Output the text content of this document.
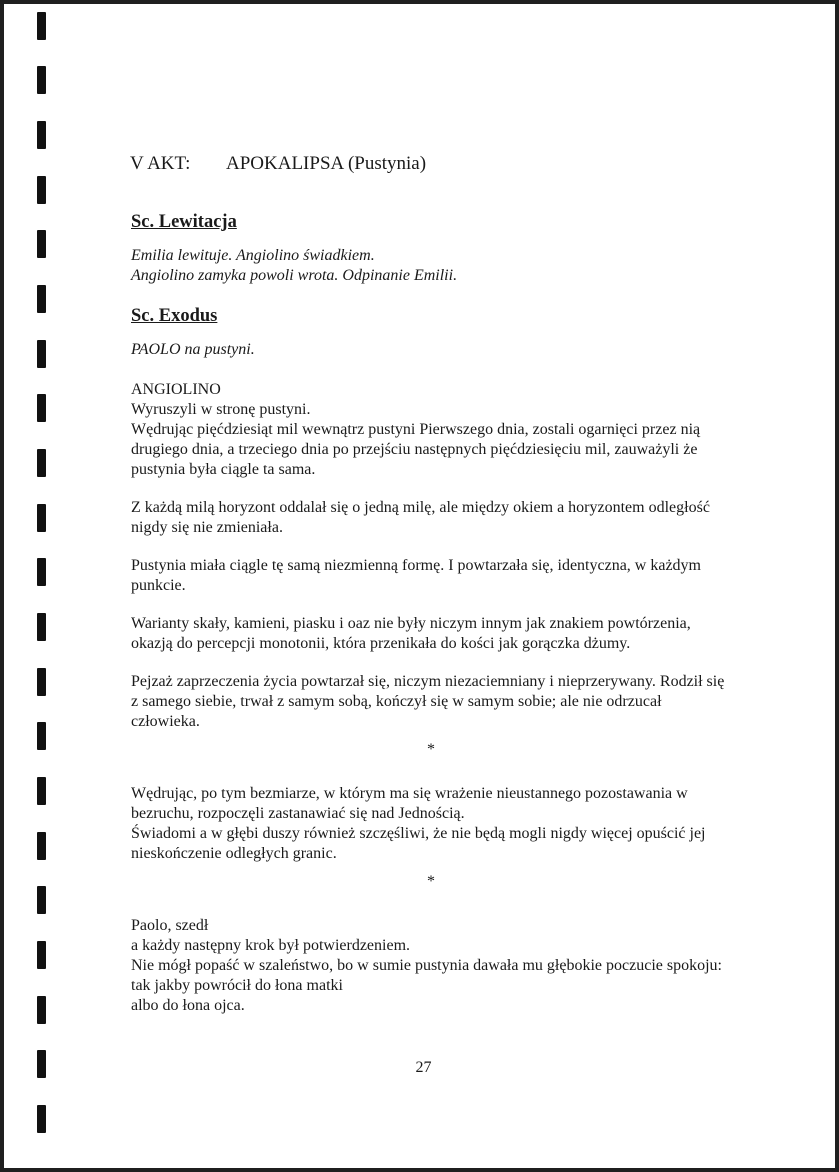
V AKT: APOKALIPSA (Pustynia)
Sc. Lewitacja

Emilia lewituje. Angiolino świadkiem.

Angiolino zamyka powoli wrota. Odpinanie Emilii.

Sc. Exodus

PAOLO na pustyni.

ANGIOLINO

Wyruszyli w stronę pustyni.

Wędrując pięćdziesiąt mil wewnątrz pustyni Pierwszego dnia, zostali ogarnięci przez nią drugiego dnia, a trzeciego dnia po przejściu następnych pięćdziesięciu mil, zauważyli że pustynia była ciągle ta sama.

Z każdą milą horyzont oddalał się o jedną milę, ale między okiem a horyzontem odległość nigdy się nie zmieniała.

Pustynia miała ciągle tę samą niezmienną formę. I powtarzała się, identyczna, w każdym punkcie.

Warianty skały, kamieni, piasku i oaz nie były niczym innym jak znakiem powtórzenia, okazją do percepcji monotonii, która przenikała do kości jak gorączka dżumy.

Pejzaż zaprzeczenia życia powtarzał się, niczym niezaciemniany i nieprzerywany. Rodził się z samego siebie, trwał z samym sobą, kończył się w samym sobie; ale nie odrzucał człowieka.

*

Wędrując, po tym bezmiarze, w którym ma się wrażenie nieustannego pozostawania w bezruchu, rozpoczęli zastanawiać się nad Jednością.

Świadomi a w głębi duszy również szczęśliwi, że nie będą mogli nigdy więcej opuścić jej nieskończenie odległych granic.

*

Paolo, szedł

a każdy następny krok był potwierdzeniem.

Nie mógł popaść w szaleństwo, bo w sumie pustynia dawała mu głębokie poczucie spokoju: tak jakby powrócił do łona matki

albo do łona ojca.

27
